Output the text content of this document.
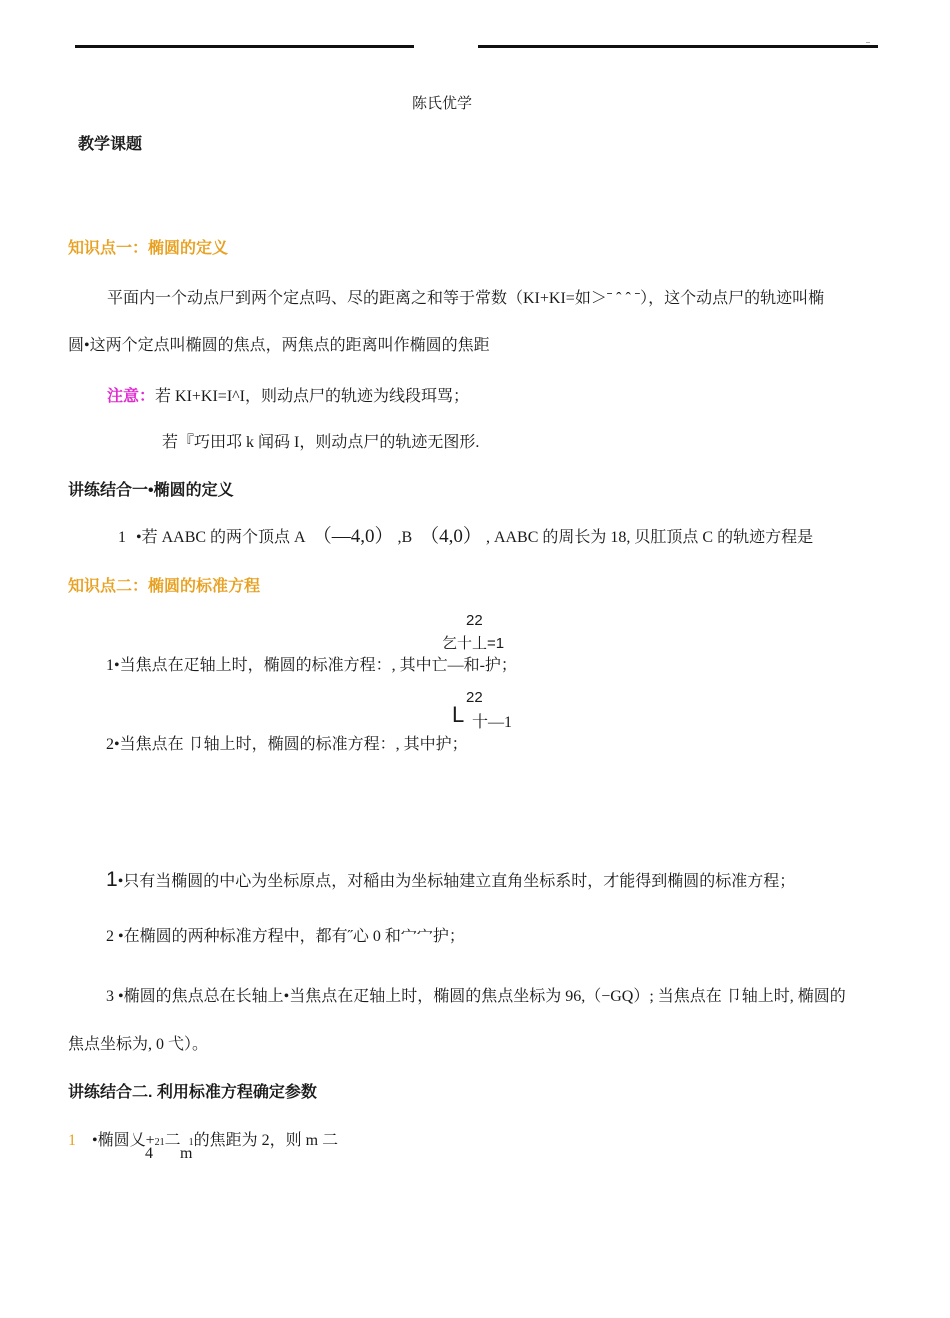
..
陈氏优学
教学课题
知识点一：椭圆的定义
平面内一个动点尸到两个定点吗、尽的距离之和等于常数（KI+KI=如＞ˉ ˆ ˆ ˉ），这个动点尸的轨迹叫椭
圆•这两个定点叫椭圆的焦点，两焦点的距离叫作椭圆的焦距
注意：若 KI+KI=I^I，则动点尸的轨迹为线段珥骂；
若『巧田邛 k 闻码 I，则动点尸的轨迹无图形.
讲练结合一•椭圆的定义
1 •若 AABC 的两个顶点 A （—4,0） ,B （4,0） , AABC 的周长为 18, 贝肛顶点 C 的轨迹方程是
知识点二：椭圆的标准方程
22
乞十丄=1
1•当焦点在疋轴上时，椭圆的标准方程：, 其中亡—和-护；
22
L 十—1
2•当焦点在 卩轴上时，椭圆的标准方程：, 其中护；
1•只有当椭圆的中心为坐标原点，对稲由为坐标轴建立直角坐标系时，才能得到椭圆的标准方程；
2 •在椭圆的两种标准方程中，都有˝心 0 和宀宀护；
3 •椭圆的焦点总在长轴上•当焦点在疋轴上时，椭圆的焦点坐标为 96,（−GQ）; 当焦点在 卩轴上时, 椭圆的
焦点坐标为, 0 弋）。
讲练结合二. 利用标准方程确定参数
1 •椭圆乂+21二 1的焦距为 2，则 m 二
4 m
